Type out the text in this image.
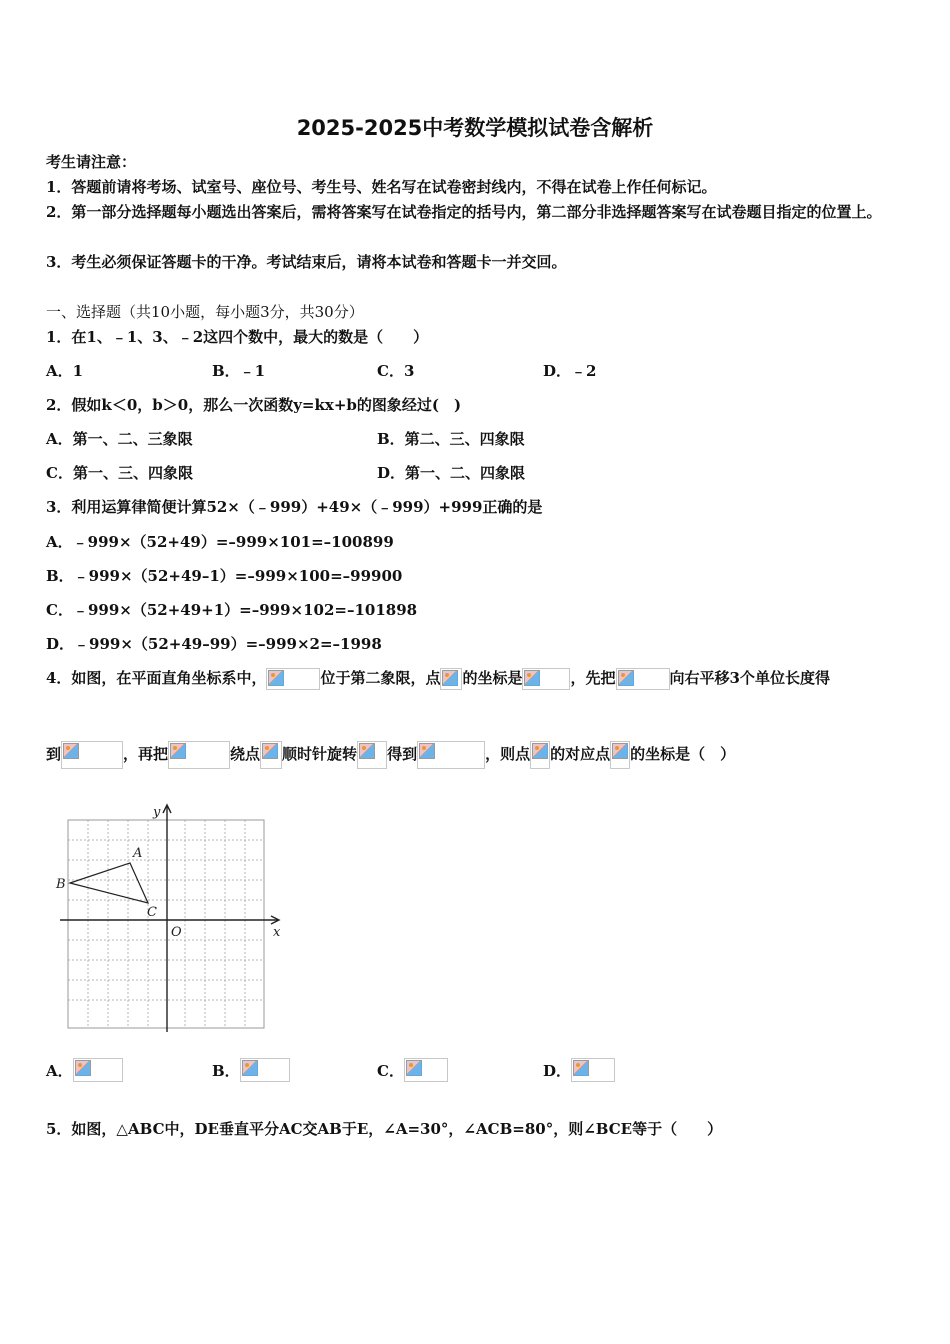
2025-2025中考数学模拟试卷含解析
考生请注意：
1．答题前请将考场、试室号、座位号、考生号、姓名写在试卷密封线内，不得在试卷上作任何标记。
2．第一部分选择题每小题选出答案后，需将答案写在试卷指定的括号内，第二部分非选择题答案写在试卷题目指定的位置上。
3．考生必须保证答题卡的干净。考试结束后，请将本试卷和答题卡一并交回。
一、选择题（共10小题，每小题3分，共30分）
1．在1、﹣1、3、﹣2这四个数中，最大的数是（　　）
A．1	B．﹣1	C．3	D．﹣2
2．假如k＜0，b＞0，那么一次函数y=kx+b的图象经过(　)
A．第一、二、三象限	B．第二、三、四象限
C．第一、三、四象限	D．第一、二、四象限
3．利用运算律简便计算52×（﹣999）+49×（﹣999）+999正确的是
A．﹣999×（52+49）=–999×101=–100899
B．﹣999×（52+49–1）=–999×100=–99900
C．﹣999×（52+49+1）=–999×102=–101898
D．﹣999×（52+49–99）=–999×2=–1998
4．如图，在平面直角坐标系中，	位于第二象限，点 的坐标是	，先把	向右平移3个单位长度得
到	，再把	绕点 顺时针旋转 得到	，则点 的对应点 的坐标是（　）
A
B
C
O	x
y
A．	B．	C．	D．
5．如图，△ABC中，DE垂直平分AC交AB于E，∠A=30°，∠ACB=80°，则∠BCE等于（　　）
